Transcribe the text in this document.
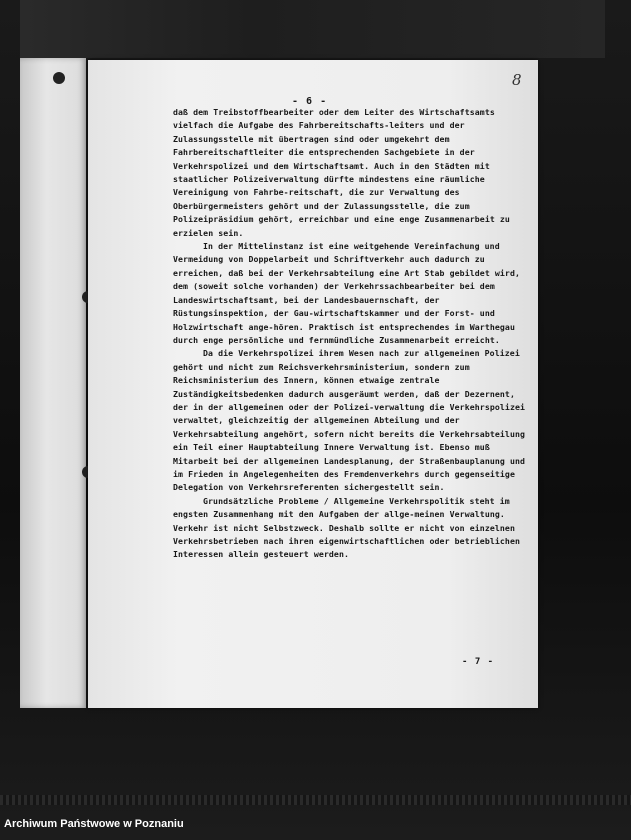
8
- 6 -

daß dem Treibstoffbearbeiter oder dem Leiter des Wirtschaftsamts vielfach die Aufgabe des Fahrbereitschafts-leiters und der Zulassungsstelle mit übertragen sind oder umgekehrt dem Fahrbereitschaftleiter die entsprechenden Sachgebiete in der Verkehrspolizei und dem Wirtschaftsamt. Auch in den Städten mit staatlicher Polizeiverwaltung dürfte mindestens eine räumliche Vereinigung von Fahrbe-reitschaft, die zur Verwaltung des Oberbürgermeisters gehört und der Zulassungsstelle, die zum Polizeipräsidium gehört, erreichbar und eine enge Zusammenarbeit zu erzielen sein.

In der Mittelinstanz ist eine weitgehende Vereinfachung und Vermeidung von Doppelarbeit und Schriftverkehr auch dadurch zu erreichen, daß bei der Verkehrsabteilung eine Art Stab gebildet wird, dem (soweit solche vorhanden) der Verkehrssachbearbeiter bei dem Landeswirtschaftsamt, bei der Landesbauernschaft, der Rüstungsinspektion, der Gau-wirtschaftskammer und der Forst- und Holzwirtschaft ange-hören. Praktisch ist entsprechendes im Warthegau durch enge persönliche und fernmündliche Zusammenarbeit erreicht.

Da die Verkehrspolizei ihrem Wesen nach zur allgemeinen Polizei gehört und nicht zum Reichsverkehrsministerium, sondern zum Reichsministerium des Innern, können etwaige zentrale Zuständigkeitsbedenken dadurch ausgeräumt werden, daß der Dezernent, der in der allgemeinen oder der Polizei-verwaltung die Verkehrspolizei verwaltet, gleichzeitig der allgemeinen Abteilung und der Verkehrsabteilung angehört, sofern nicht bereits die Verkehrsabteilung ein Teil einer Hauptabteilung Innere Verwaltung ist. Ebenso muß Mitarbeit bei der allgemeinen Landesplanung, der Straßenbauplanung und im Frieden in Angelegenheiten des Fremdenverkehrs durch gegenseitige Delegation von Verkehrsreferenten sichergestellt sein.

Grundsätzliche Probleme / Allgemeine Verkehrspolitik steht im engsten Zusammenhang mit den Aufgaben der allge-meinen Verwaltung. Verkehr ist nicht Selbstzweck. Deshalb sollte er nicht von einzelnen Verkehrsbetrieben nach ihren eigenwirtschaftlichen oder betrieblichen Interessen allein gesteuert werden.

- 7 -
Archiwum Państwowe w Poznaniu
